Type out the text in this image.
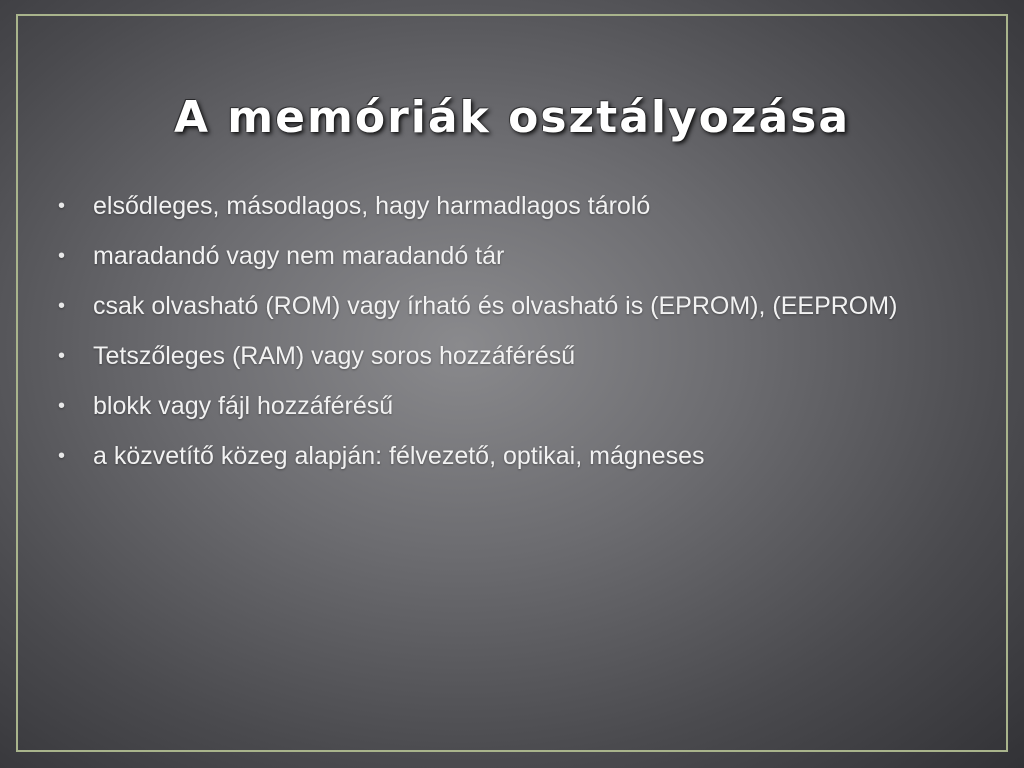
A memóriák osztályozása
•	elsődleges, másodlagos, hagy harmadlagos tároló
•	maradandó vagy nem maradandó tár
•	csak olvasható (ROM) vagy írható és olvasható is (EPROM), (EEPROM)
•	Tetszőleges (RAM) vagy soros hozzáférésű
•	blokk vagy fájl hozzáférésű
•	a közvetítő közeg alapján: félvezető, optikai, mágneses
